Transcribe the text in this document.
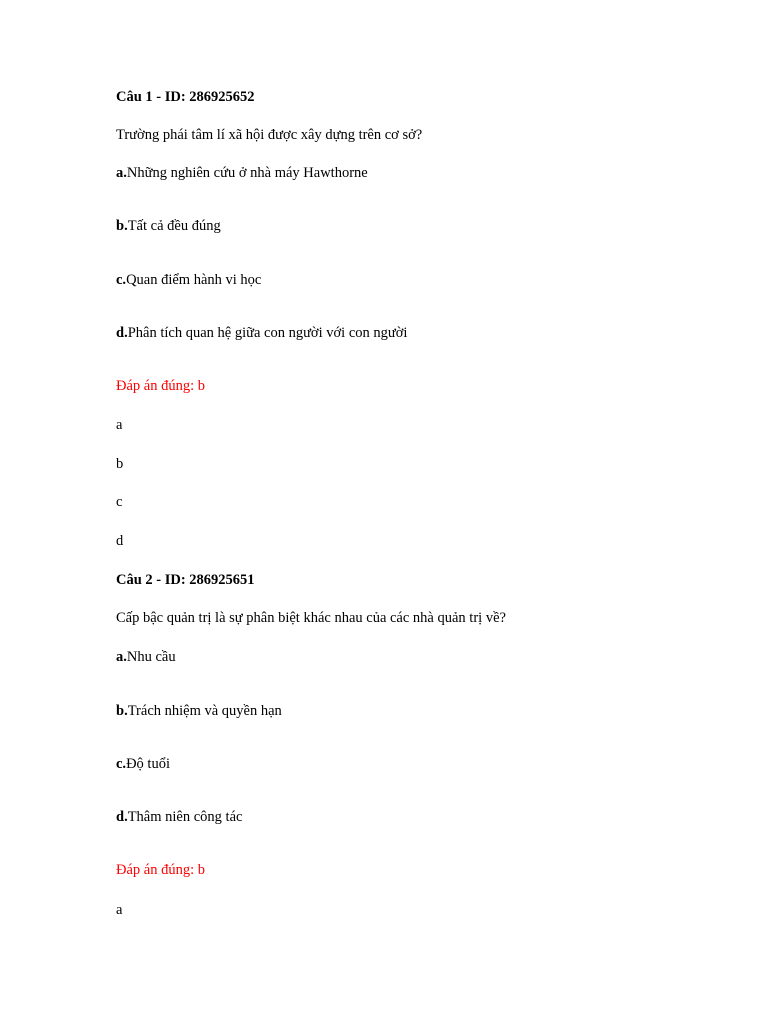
Câu 1 - ID: 286925652
Trường phái tâm lí xã hội được xây dựng trên cơ sở?
a.Những nghiên cứu ở nhà máy Hawthorne
b.Tất cả đều đúng
c.Quan điểm hành vi học
d.Phân tích quan hệ giữa con người với con người
Đáp án đúng: b
a
b
c
d
Câu 2 - ID: 286925651
Cấp bậc quản trị là sự phân biệt khác nhau của các nhà quản trị về?
a.Nhu cầu
b.Trách nhiệm và quyền hạn
c.Độ tuổi
d.Thâm niên công tác
Đáp án đúng: b
a
